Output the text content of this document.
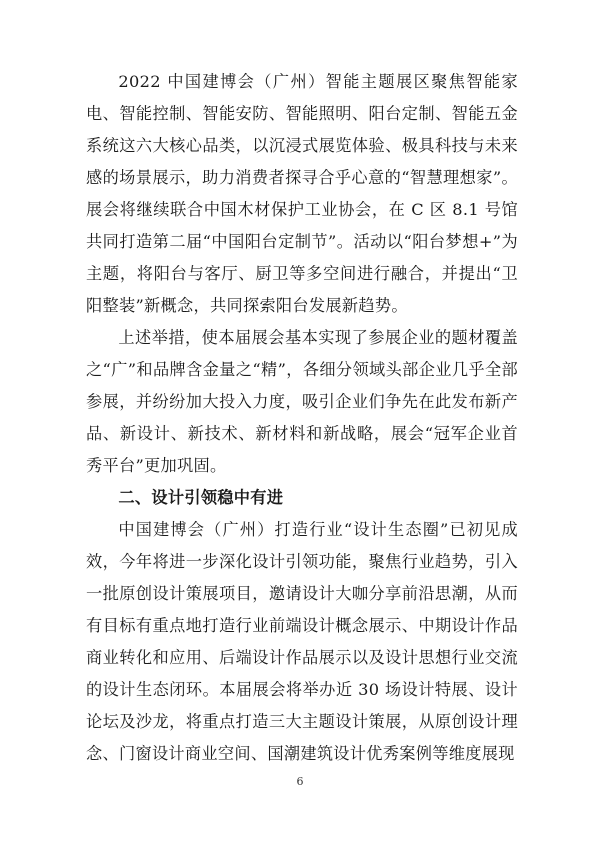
2022 中国建博会（广州）智能主题展区聚焦智能家电、智能控制、智能安防、智能照明、阳台定制、智能五金系统这六大核心品类，以沉浸式展览体验、极具科技与未来感的场景展示，助力消费者探寻合乎心意的“智慧理想家”。展会将继续联合中国木材保护工业协会，在 C 区 8.1 号馆共同打造第二届“中国阳台定制节”。活动以“阳台梦想+”为主题，将阳台与客厅、厨卫等多空间进行融合，并提出“卫阳整装”新概念，共同探索阳台发展新趋势。

上述举措，使本届展会基本实现了参展企业的题材覆盖之“广”和品牌含金量之“精”，各细分领域头部企业几乎全部参展，并纷纷加大投入力度，吸引企业们争先在此发布新产品、新设计、新技术、新材料和新战略，展会“冠军企业首秀平台”更加巩固。

二、设计引领稳中有进

中国建博会（广州）打造行业“设计生态圈”已初见成效，今年将进一步深化设计引领功能，聚焦行业趋势，引入一批原创设计策展项目，邀请设计大咖分享前沿思潮，从而有目标有重点地打造行业前端设计概念展示、中期设计作品商业转化和应用、后端设计作品展示以及设计思想行业交流的设计生态闭环。本届展会将举办近 30 场设计特展、设计论坛及沙龙，将重点打造三大主题设计策展，从原创设计理念、门窗设计商业空间、国潮建筑设计优秀案例等维度展现

6
